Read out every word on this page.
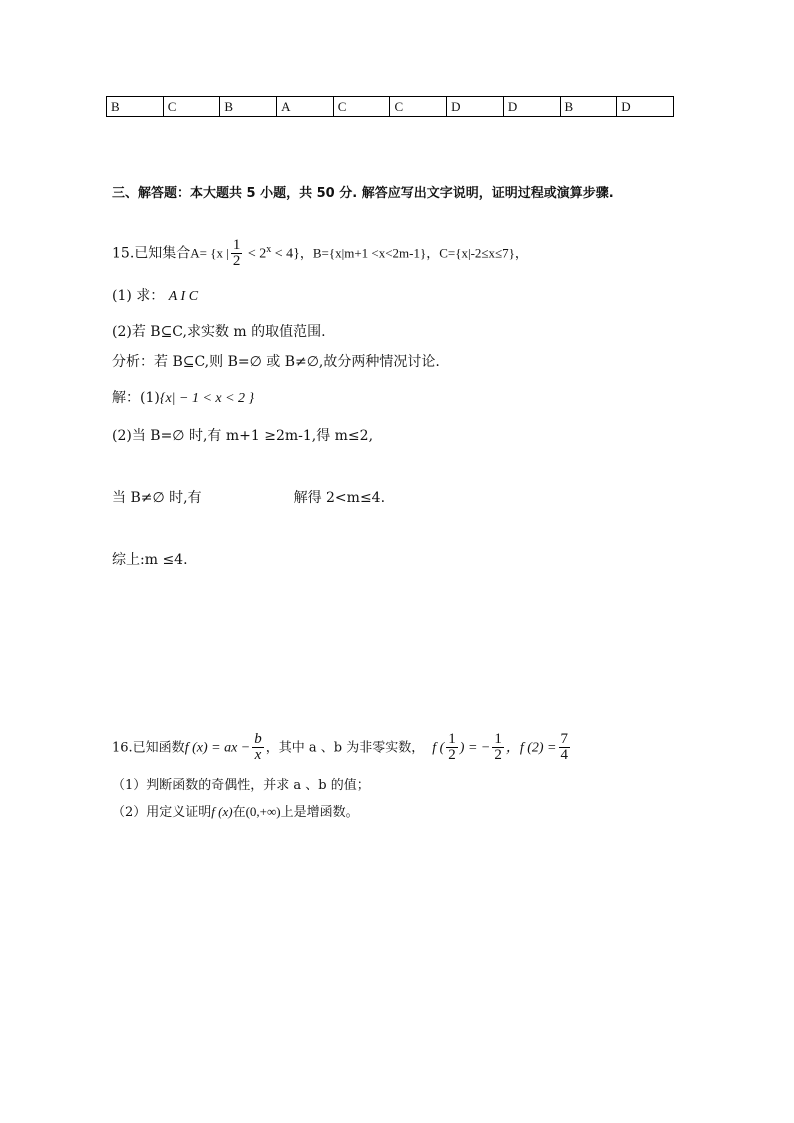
B	C	B	A	C	C	D	D	B	D
三、解答题：本大题共 5 小题，共 50 分. 解答应写出文字说明，证明过程或演算步骤.
15.已知集合A= {x | $\frac{1}{2} < 2^x < 4$}，B={x|m+1 <x<2m-1}，C={x|-2≤x≤7}，
(1) 求： A I C
(2)若 B⊆C,求实数 m 的取值范围.
分析：若 B⊆C,则 B=∅ 或 B≠∅,故分两种情况讨论.
解：(1){x| − 1 < x < 2 }
(2)当 B=∅ 时,有 m+1 ≥2m-1,得 m≤2,
当 B≠∅ 时,有	解得 2<m≤4.
综上:m ≤4.
16.已知函数f (x) = ax − $\frac{b}{x}$ ，其中 a 、b 为非零实数， f ( $\frac{1}{2}$ ) = − $\frac{1}{2}$ ，f $(2) = \frac{7}{4}$
（1）判断函数的奇偶性，并求 a 、b 的值；
（2）用定义证明f (x)在(0,+∞)上是增函数。
